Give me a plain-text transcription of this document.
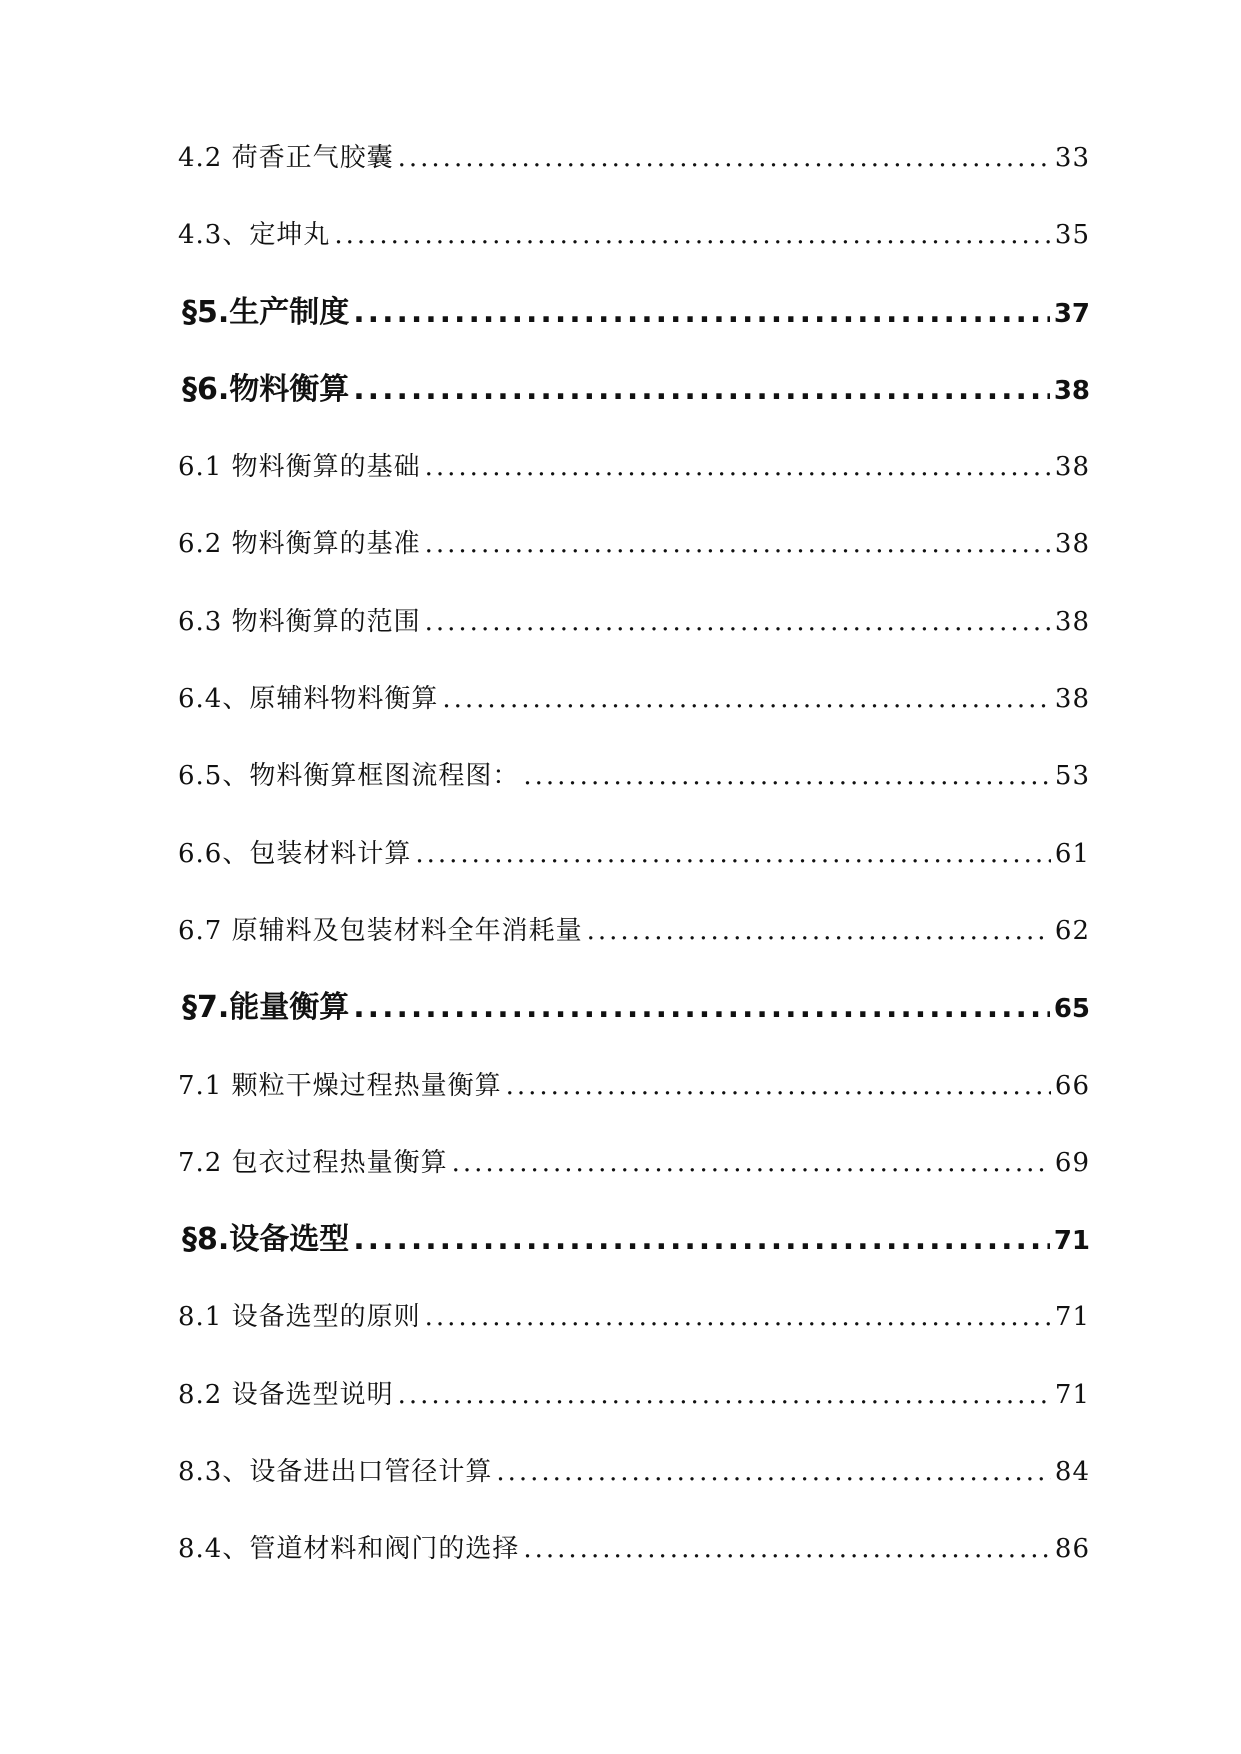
4.2 荷香正气胶囊 .....	33
4.3、定坤丸 .....	35
§5.生产制度 .....	37
§6.物料衡算 .....	38
6.1 物料衡算的基础 .....	38
6.2 物料衡算的基准 .....	38
6.3 物料衡算的范围 .....	38
6.4、原辅料物料衡算 .....	38
6.5、物料衡算框图流程图： .....	53
6.6、包装材料计算 .....	61
6.7 原辅料及包装材料全年消耗量 .....	62
§7.能量衡算 .....	65
7.1 颗粒干燥过程热量衡算 .....	66
7.2 包衣过程热量衡算 .....	69
§8.设备选型 .....	71
8.1 设备选型的原则 .....	71
8.2 设备选型说明 .....	71
8.3、设备进出口管径计算 .....	84
8.4、管道材料和阀门的选择 .....	86
